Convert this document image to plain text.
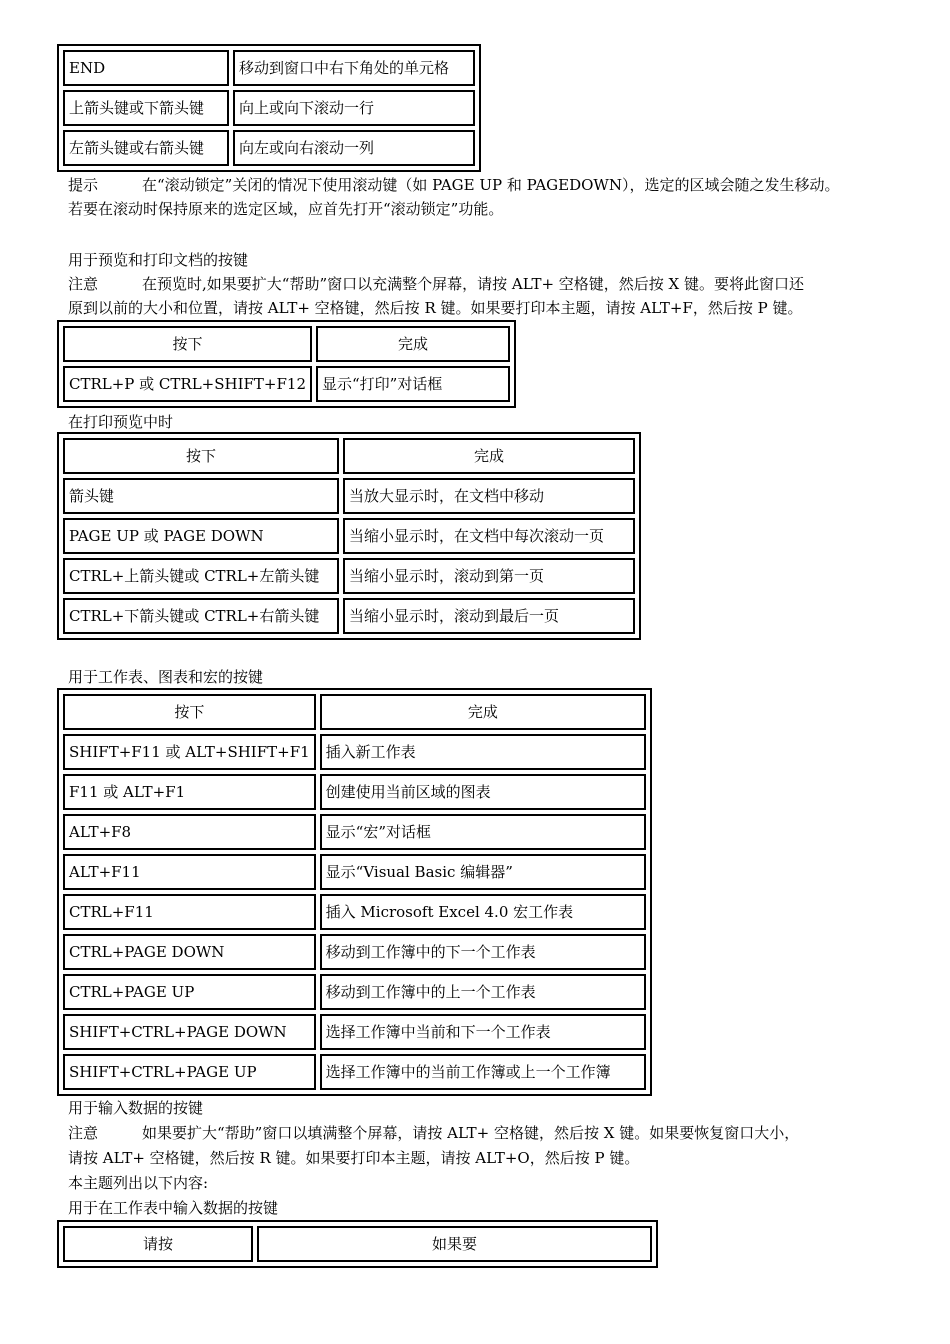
END	移动到窗口中右下角处的单元格
上箭头键或下箭头键	向上或向下滚动一行
左箭头键或右箭头键	向左或向右滚动一列
提示	在“滚动锁定”关闭的情况下使用滚动键（如 PAGE UP 和 PAGEDOWN），选定的区域会随之发生移动。
若要在滚动时保持原来的选定区域，应首先打开“滚动锁定”功能。
用于预览和打印文档的按键
注意	在预览时,如果要扩大“帮助”窗口以充满整个屏幕，请按 ALT+ 空格键，然后按 X 键。要将此窗口还
原到以前的大小和位置，请按 ALT+ 空格键，然后按 R 键。如果要打印本主题，请按 ALT+F，然后按 P 键。
按下	完成
CTRL+P 或 CTRL+SHIFT+F12	显示“打印”对话框
在打印预览中时
按下	完成
箭头键	当放大显示时，在文档中移动
PAGE UP 或 PAGE DOWN	当缩小显示时，在文档中每次滚动一页
CTRL+上箭头键或 CTRL+左箭头键	当缩小显示时，滚动到第一页
CTRL+下箭头键或 CTRL+右箭头键	当缩小显示时，滚动到最后一页
用于工作表、图表和宏的按键
按下	完成
SHIFT+F11 或 ALT+SHIFT+F1	插入新工作表
F11 或 ALT+F1	创建使用当前区域的图表
ALT+F8	显示“宏”对话框
ALT+F11	显示“Visual Basic 编辑器”
CTRL+F11	插入 Microsoft Excel 4.0 宏工作表
CTRL+PAGE DOWN	移动到工作簿中的下一个工作表
CTRL+PAGE UP	移动到工作簿中的上一个工作表
SHIFT+CTRL+PAGE DOWN	选择工作簿中当前和下一个工作表
SHIFT+CTRL+PAGE UP	选择工作簿中的当前工作簿或上一个工作簿
用于输入数据的按键
注意	如果要扩大“帮助”窗口以填满整个屏幕，请按 ALT+ 空格键，然后按 X 键。如果要恢复窗口大小，
请按 ALT+ 空格键，然后按 R 键。如果要打印本主题，请按 ALT+O，然后按 P 键。
本主题列出以下内容:
用于在工作表中输入数据的按键
请按	如果要
